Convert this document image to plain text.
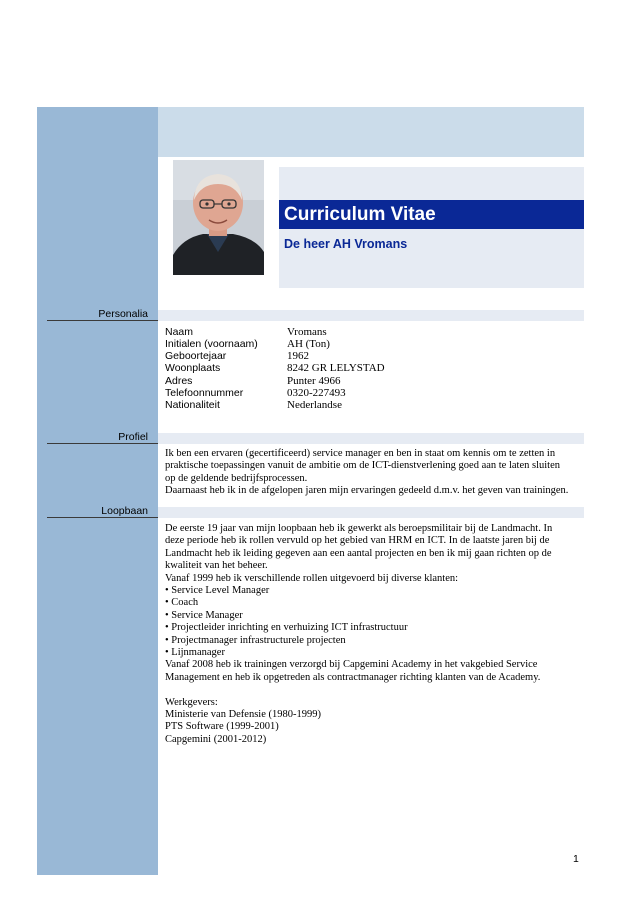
Curriculum Vitae
De heer AH Vromans
Personalia
Naam	Vromans
Initialen (voornaam)	AH (Ton)
Geboortejaar	1962
Woonplaats	8242 GR LELYSTAD
Adres	Punter 4966
Telefoonnummer	0320-227493
Nationaliteit	Nederlandse
Profiel
Ik ben een ervaren (gecertificeerd) service manager en ben in staat om kennis om te zetten in
praktische toepassingen vanuit de ambitie om de ICT-dienstverlening goed aan te laten sluiten
op de geldende bedrijfsprocessen.
Daarnaast heb ik in de afgelopen jaren mijn ervaringen gedeeld d.m.v. het geven van trainingen.
Loopbaan
De eerste 19 jaar van mijn loopbaan heb ik gewerkt als beroepsmilitair bij de Landmacht. In
deze periode heb ik rollen vervuld op het gebied van HRM en ICT. In de laatste jaren bij de
Landmacht heb ik leiding gegeven aan een aantal projecten en ben ik mij gaan richten op de
kwaliteit van het beheer.
Vanaf 1999 heb ik verschillende rollen uitgevoerd bij diverse klanten:
• Service Level Manager
• Coach
• Service Manager
• Projectleider inrichting en verhuizing ICT infrastructuur
• Projectmanager infrastructurele projecten
• Lijnmanager
Vanaf 2008 heb ik trainingen verzorgd bij Capgemini Academy in het vakgebied Service
Management en heb ik opgetreden als contractmanager richting klanten van de Academy.
Werkgevers:
Ministerie van Defensie (1980-1999)
PTS Software (1999-2001)
Capgemini (2001-2012)
1
